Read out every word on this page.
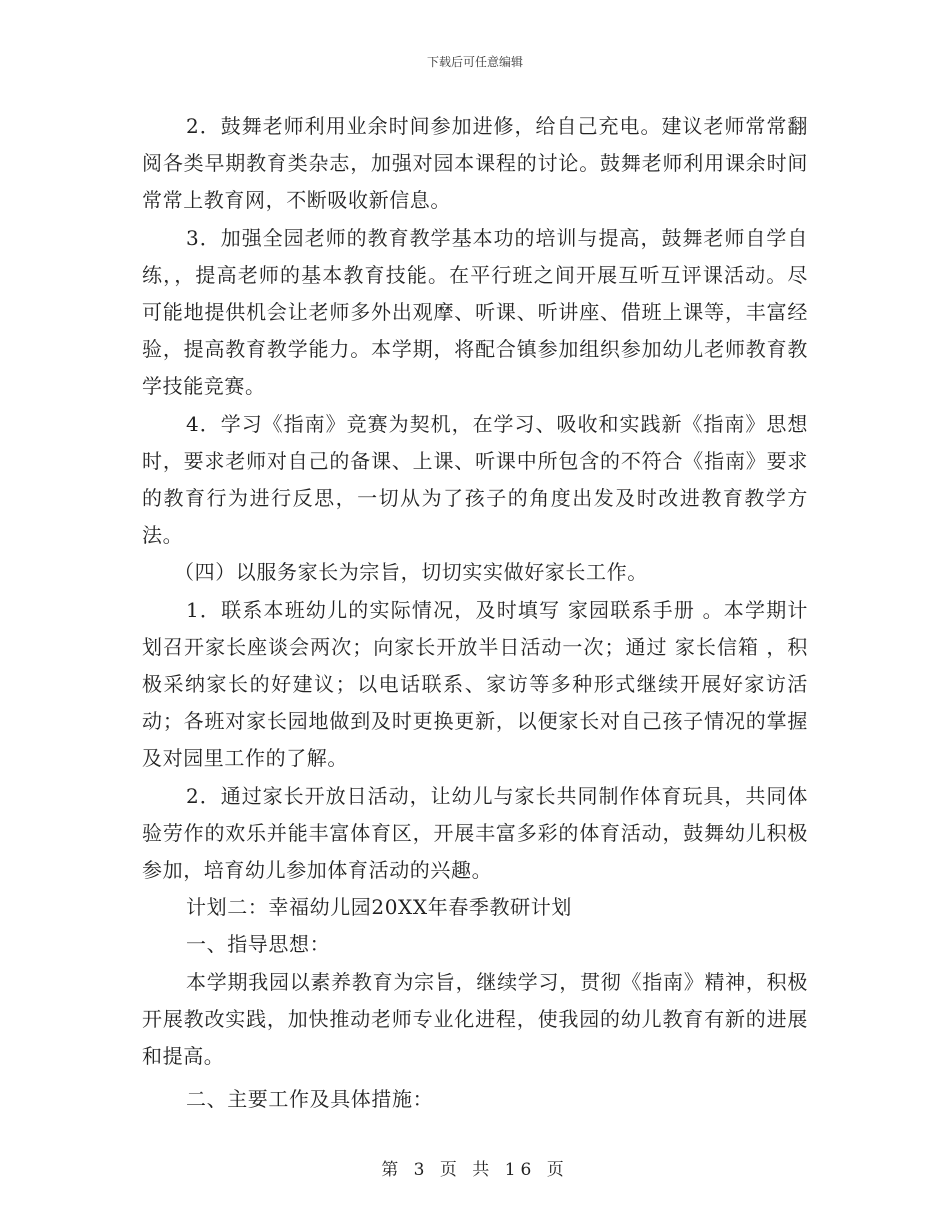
下载后可任意编辑

2．鼓舞老师利用业余时间参加进修，给自己充电。建议老师常常翻阅各类早期教育类杂志，加强对园本课程的讨论。鼓舞老师利用课余时间常常上教育网，不断吸收新信息。

3．加强全园老师的教育教学基本功的培训与提高，鼓舞老师自学自练，，提高老师的基本教育技能。在平行班之间开展互听互评课活动。尽可能地提供机会让老师多外出观摩、听课、听讲座、借班上课等，丰富经验，提高教育教学能力。本学期，将配合镇参加组织参加幼儿老师教育教学技能竞赛。

4．学习《指南》竞赛为契机，在学习、吸收和实践新《指南》思想时，要求老师对自己的备课、上课、听课中所包含的不符合《指南》要求的教育行为进行反思，一切从为了孩子的角度出发及时改进教育教学方法。

（四）以服务家长为宗旨，切切实实做好家长工作。

1．联系本班幼儿的实际情况，及时填写 家园联系手册 。本学期计划召开家长座谈会两次；向家长开放半日活动一次；通过 家长信箱 ，积极采纳家长的好建议；以电话联系、家访等多种形式继续开展好家访活动；各班对家长园地做到及时更换更新，以便家长对自己孩子情况的掌握及对园里工作的了解。

2．通过家长开放日活动，让幼儿与家长共同制作体育玩具，共同体验劳作的欢乐并能丰富体育区，开展丰富多彩的体育活动，鼓舞幼儿积极参加，培育幼儿参加体育活动的兴趣。

计划二：幸福幼儿园20XX年春季教研计划

一、指导思想：

本学期我园以素养教育为宗旨，继续学习，贯彻《指南》精神，积极开展教改实践，加快推动老师专业化进程，使我园的幼儿教育有新的进展和提高。

二、主要工作及具体措施：

第 3 页 共 16 页
